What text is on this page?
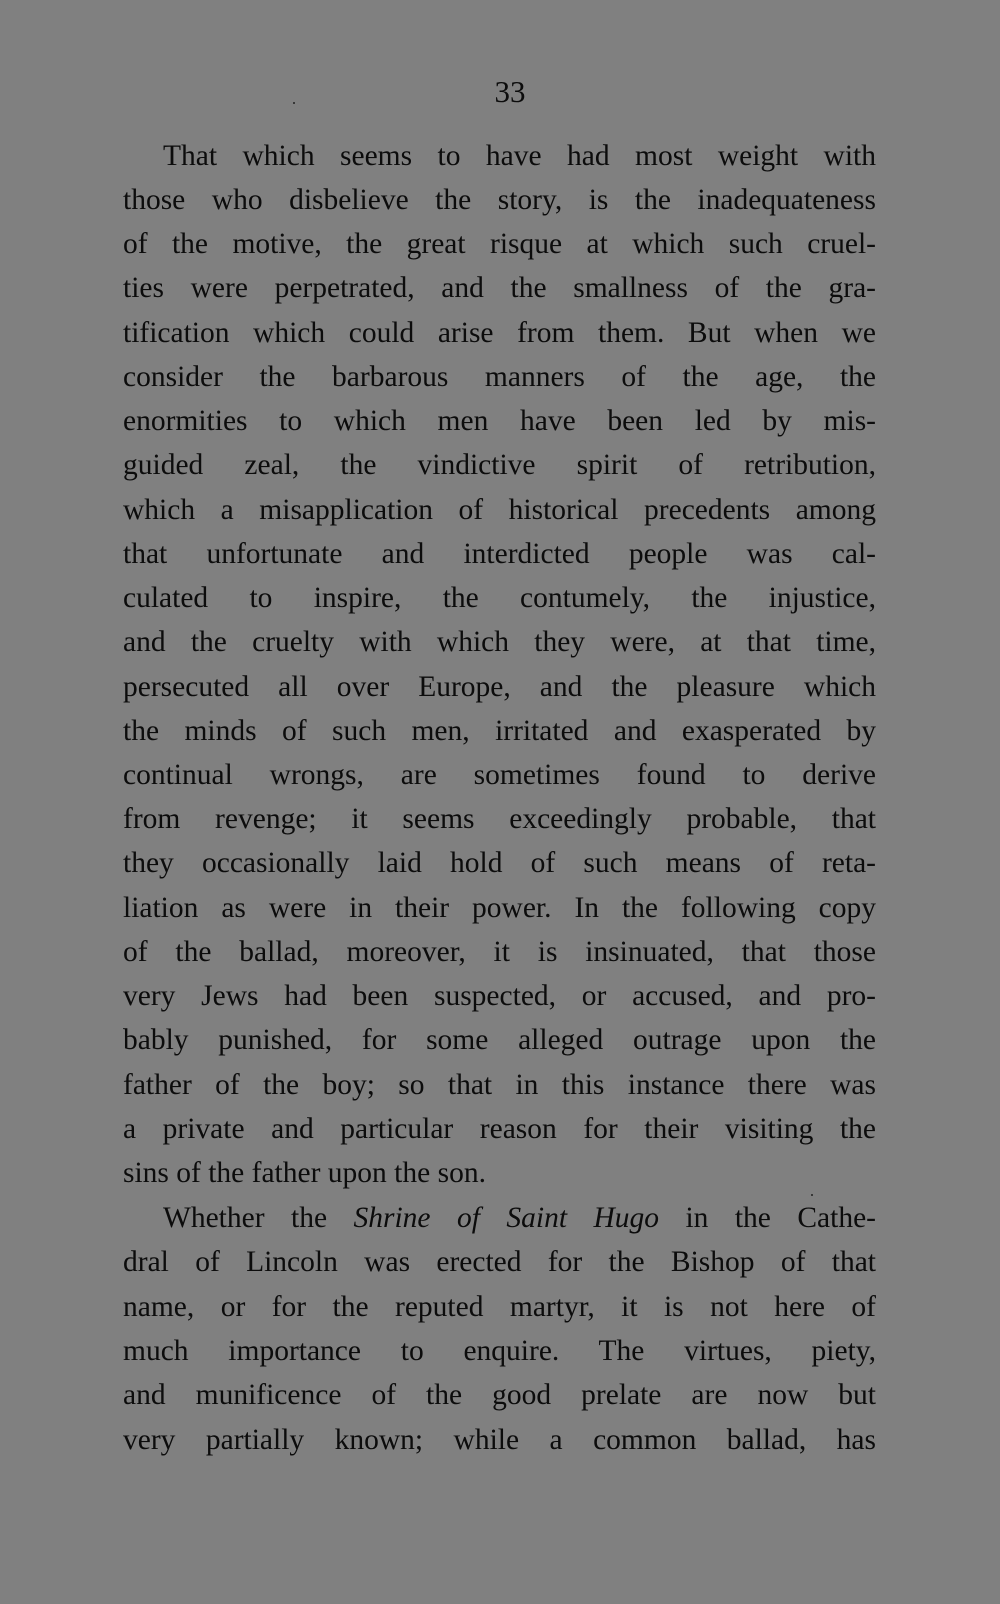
33
That which seems to have had most weight with
those who disbelieve the story, is the inadequateness
of the motive, the great risque at which such cruel-
ties were perpetrated, and the smallness of the gra-
tification which could arise from them. But when we
consider the barbarous manners of the age, the
enormities to which men have been led by mis-
guided zeal, the vindictive spirit of retribution,
which a misapplication of historical precedents among
that unfortunate and interdicted people was cal-
culated to inspire, the contumely, the injustice,
and the cruelty with which they were, at that time,
persecuted all over Europe, and the pleasure which
the minds of such men, irritated and exasperated by
continual wrongs, are sometimes found to derive
from revenge; it seems exceedingly probable, that
they occasionally laid hold of such means of reta-
liation as were in their power. In the following copy
of the ballad, moreover, it is insinuated, that those
very Jews had been suspected, or accused, and pro-
bably punished, for some alleged outrage upon the
father of the boy; so that in this instance there was
a private and particular reason for their visiting the
sins of the father upon the son.
Whether the Shrine of Saint Hugo in the Cathe-
dral of Lincoln was erected for the Bishop of that
name, or for the reputed martyr, it is not here of
much importance to enquire. The virtues, piety,
and munificence of the good prelate are now but
very partially known; while a common ballad, has
